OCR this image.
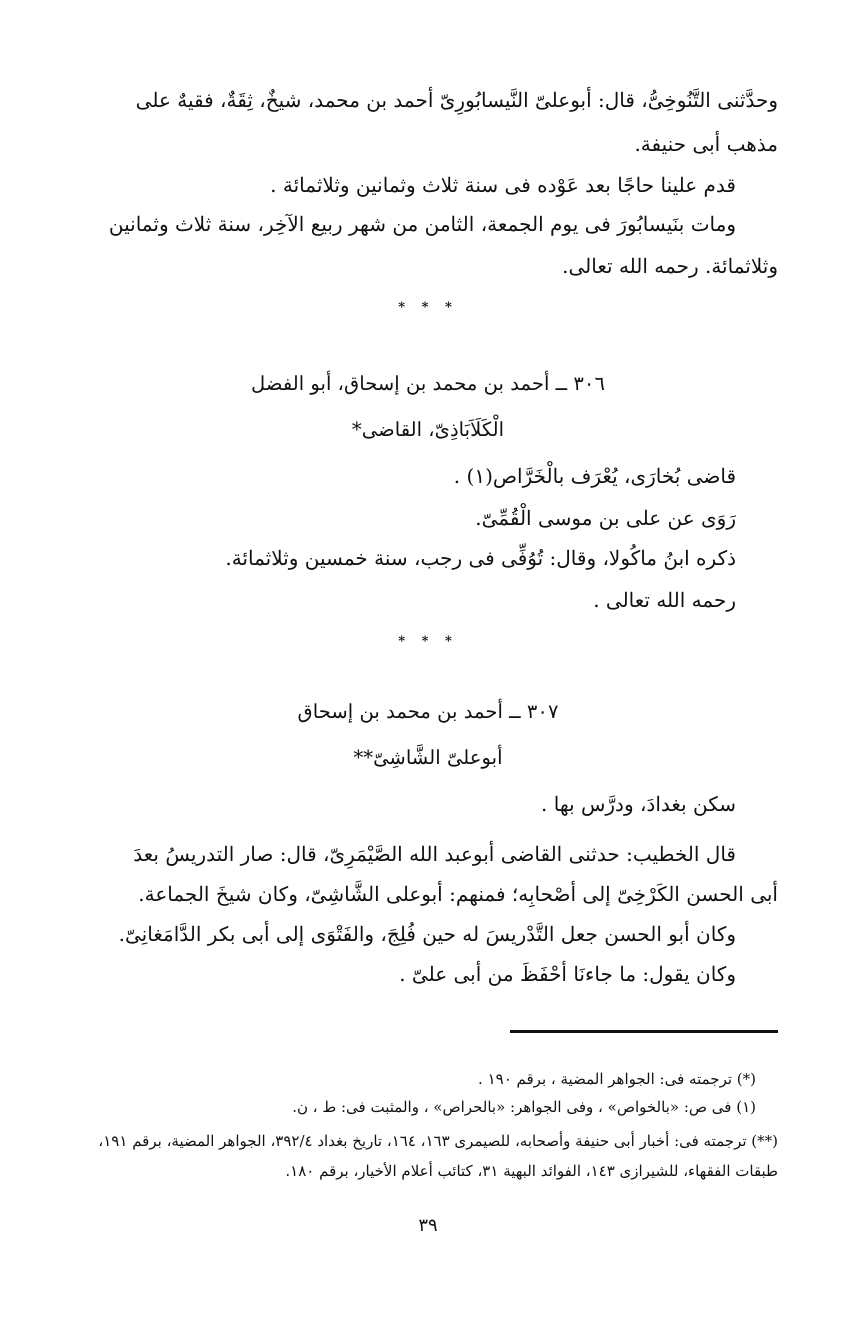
وحدَّثنى التَّنُوخِىُّ، قال: أبوعلىّ النَّيسابُورِىّ أحمد بن محمد، شيخٌ، ثِقَةٌ، فقيهٌ على
مذهب أبى حنيفة.
قدم علينا حاجًا بعد عَوْده فى سنة ثلاث وثمانين وثلاثمائة .
ومات بنَيسابُورَ فى يوم الجمعة، الثامن من شهر ربيع الآخِر، سنة ثلاث وثمانين
وثلاثمائة. رحمه الله تعالى.
* * *
٣٠٦ ــ أحمد بن محمد بن إسحاق، أبو الفضل
الْكَلَاَبَاذِىّ، القاضى*
قاضى بُخارَى، يُعْرَف بالْخَرَّاص(١) .
رَوَى عن على بن موسى الْقُمِّىّ.
ذكره ابنُ ماكُولا، وقال: تُوُفِّى فى رجب، سنة خمسين وثلاثمائة.
رحمه الله تعالى .
* * *
٣٠٧ ــ أحمد بن محمد بن إسحاق
أبوعلىّ الشَّاشِىّ**
سكن بغدادَ، ودرَّس بها .
قال الخطيب: حدثنى القاضى أبوعبد الله الصَّيْمَرِىّ، قال: صار التدريسُ بعدَ
أبى الحسن الكَرْخِىّ إلى أصْحابِه؛ فمنهم: أبوعلى الشَّاشِىّ، وكان شيخَ الجماعة.
وكان أبو الحسن جعل التَّدْريسَ له حين فُلِجَ، والفَتْوَى إلى أبى بكر الدَّامَغانِىّ.
وكان يقول: ما جاءنَا أحْفَظَ من أبى علىّ .
(*) ترجمته فى: الجواهر المضية ، برقم ١٩٠ .
(١) فى ص: «بالخواص» ، وفى الجواهر: «بالحراص» ، والمثبت فى: ط ، ن.
(**) ترجمته فى: أخبار أبى حنيفة وأصحابه، للصيمرى ١٦٣، ١٦٤، تاريخ بغداد ٣٩٢/٤، الجواهر المضية، برقم ١٩١،
طبقات الفقهاء، للشيرازى ١٤٣، الفوائد البهية ٣١، كتائب أعلام الأخيار، برقم ١٨٠.
٣٩
